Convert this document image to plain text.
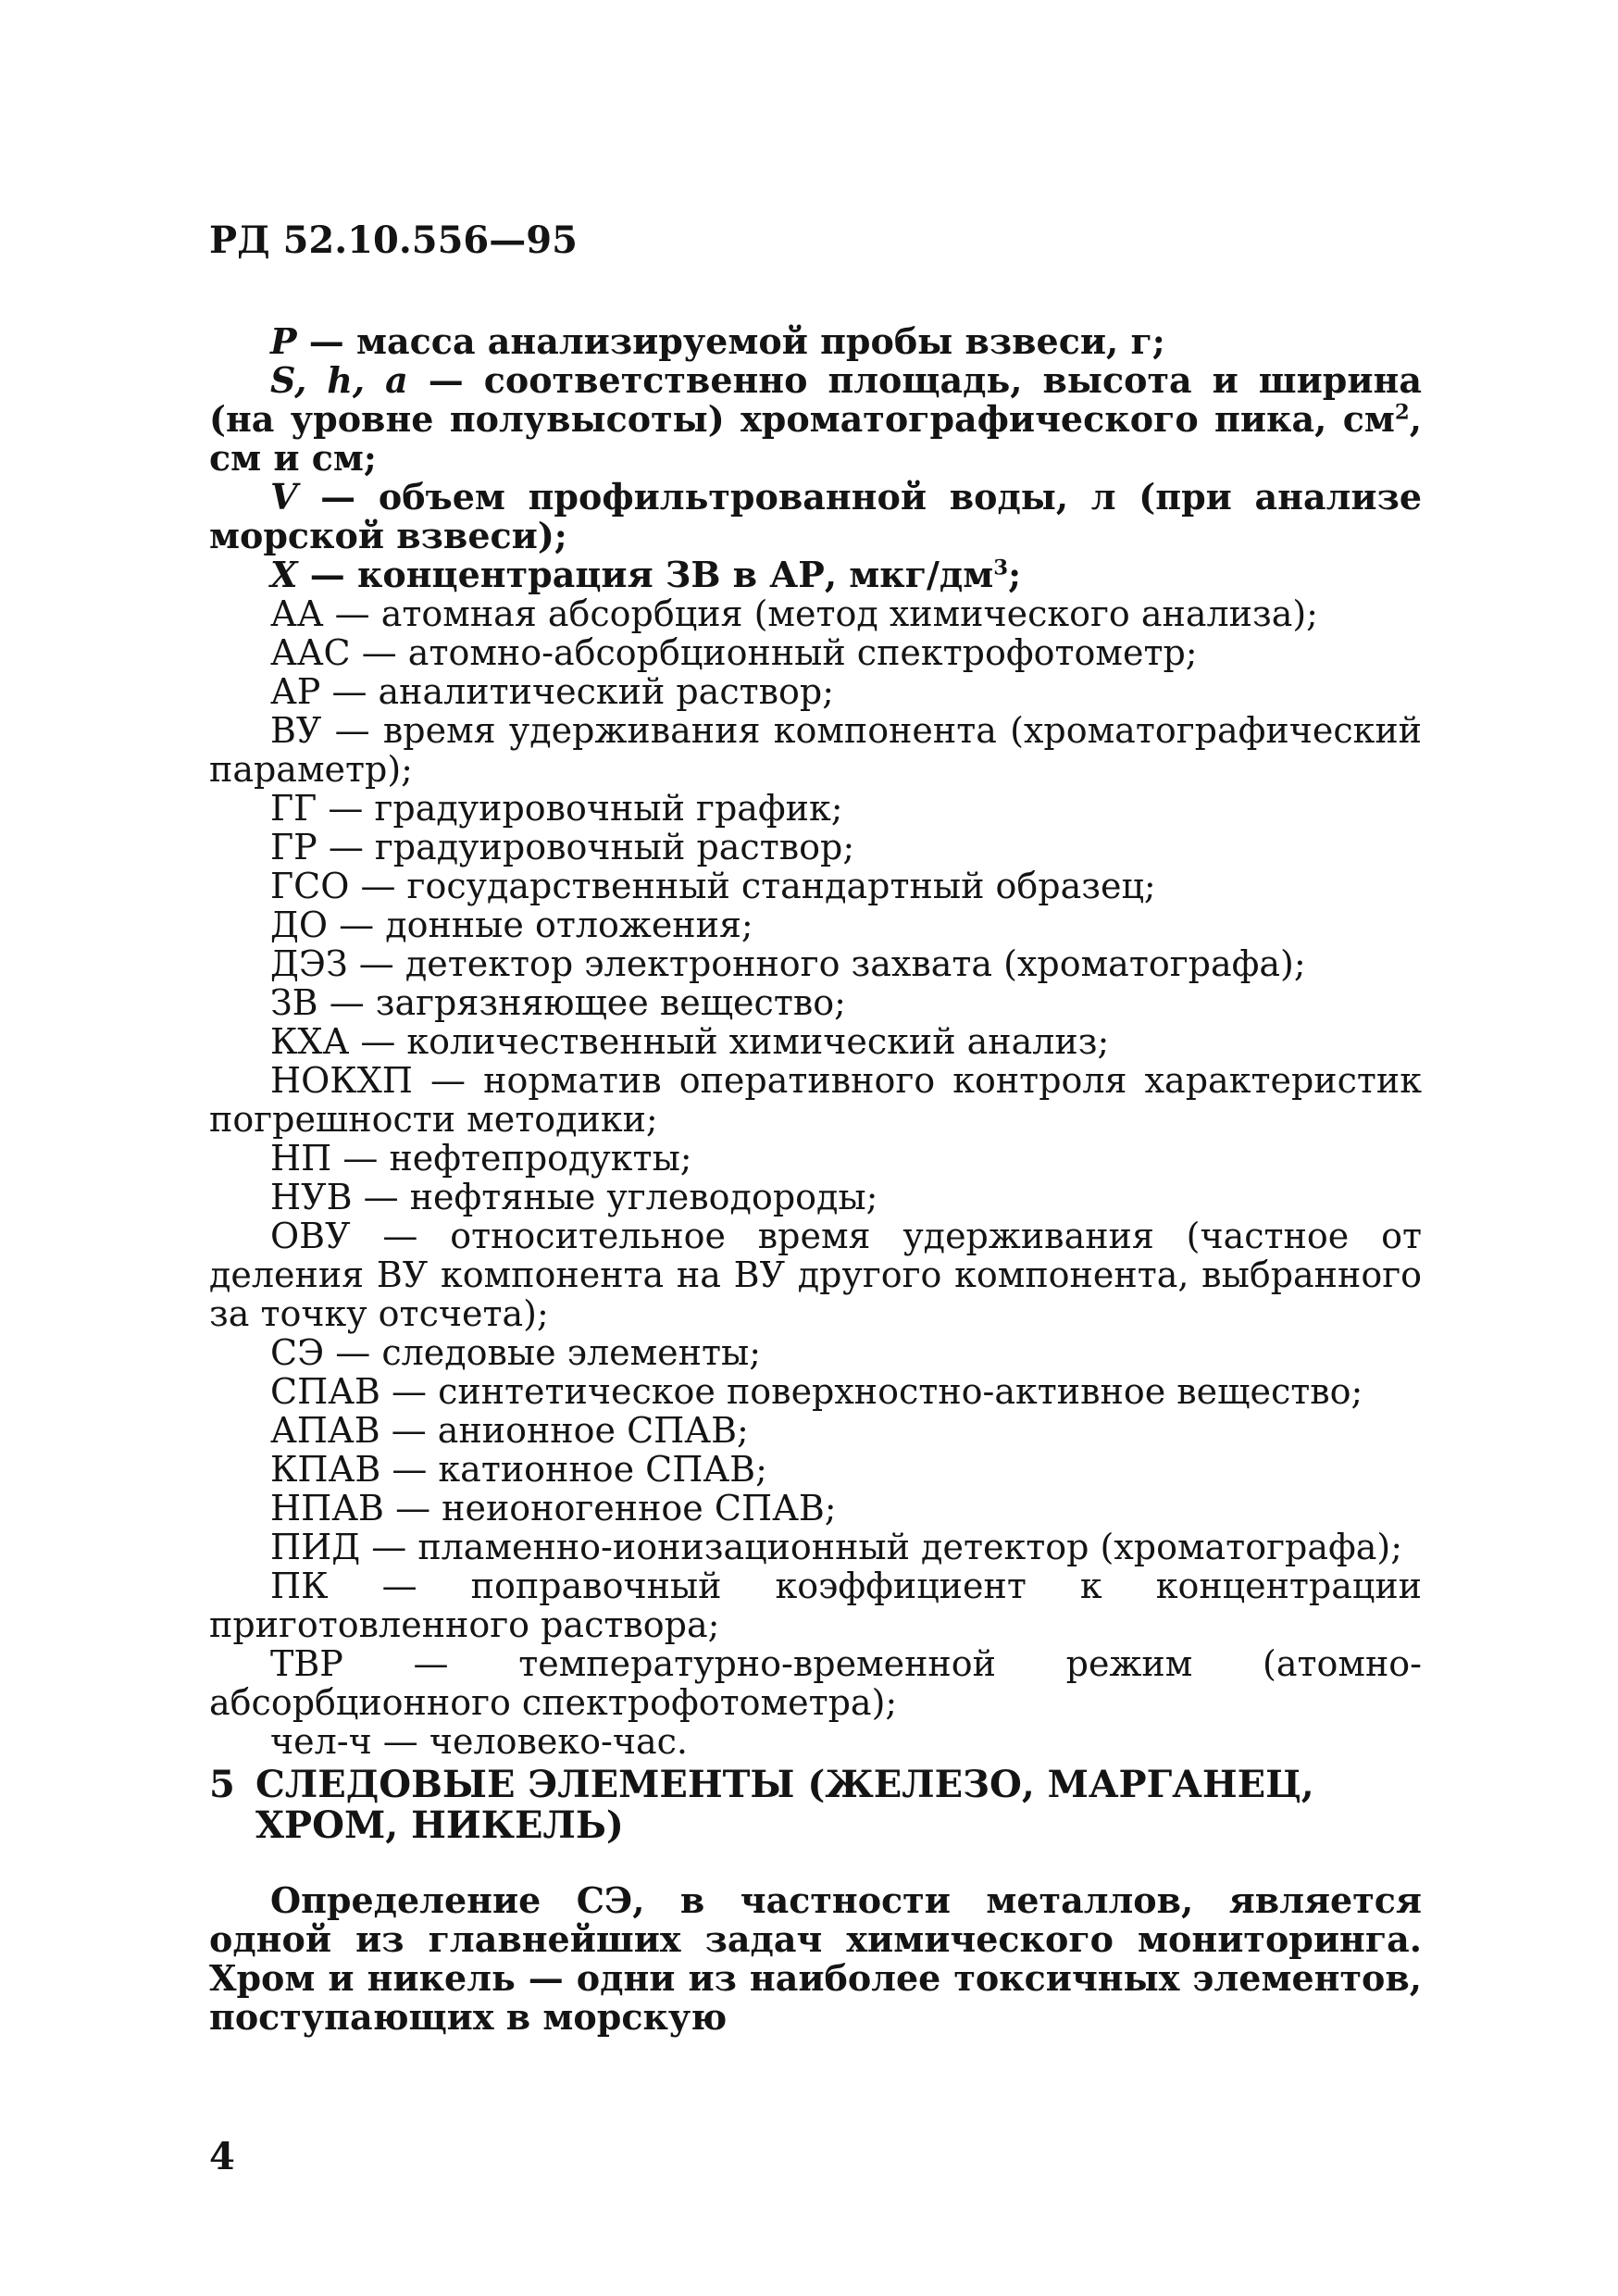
РД 52.10.556—95
P — масса анализируемой пробы взвеси, г;
S, h, a — соответственно площадь, высота и ширина (на уровне полувысоты) хроматографического пика, $см^2$, см и см;
V — объем профильтрованной воды, л (при анализе морской взвеси);
X — концентрация ЗВ в АР, мкг/$дм^3$;
АА — атомная абсорбция (метод химического анализа);
ААС — атомно-абсорбционный спектрофотометр;
АР — аналитический раствор;
ВУ — время удерживания компонента (хроматографический параметр);
ГГ — градуировочный график;
ГР — градуировочный раствор;
ГСО — государственный стандартный образец;
ДО — донные отложения;
ДЭЗ — детектор электронного захвата (хроматографа);
ЗВ — загрязняющее вещество;
КХА — количественный химический анализ;
НОКХП — норматив оперативного контроля характеристик погрешности методики;
НП — нефтепродукты;
НУВ — нефтяные углеводороды;
ОВУ — относительное время удерживания (частное от деления ВУ компонента на ВУ другого компонента, выбранного за точку отсчета);
СЭ — следовые элементы;
СПАВ — синтетическое поверхностно-активное вещество;
АПАВ — анионное СПАВ;
КПАВ — катионное СПАВ;
НПАВ — неионогенное СПАВ;
ПИД — пламенно-ионизационный детектор (хроматографа);
ПК — поправочный коэффициент к концентрации приготовленного раствора;
ТВР — температурно-временной режим (атомно-абсорбционного спектрофотометра);
чел-ч — человеко-час.
5 СЛЕДОВЫЕ ЭЛЕМЕНТЫ (ЖЕЛЕЗО, МАРГАНЕЦ, ХРОМ, НИКЕЛЬ)
Определение СЭ, в частности металлов, является одной из главнейших задач химического мониторинга. Хром и никель — одни из наиболее токсичных элементов, поступающих в морскую
4
